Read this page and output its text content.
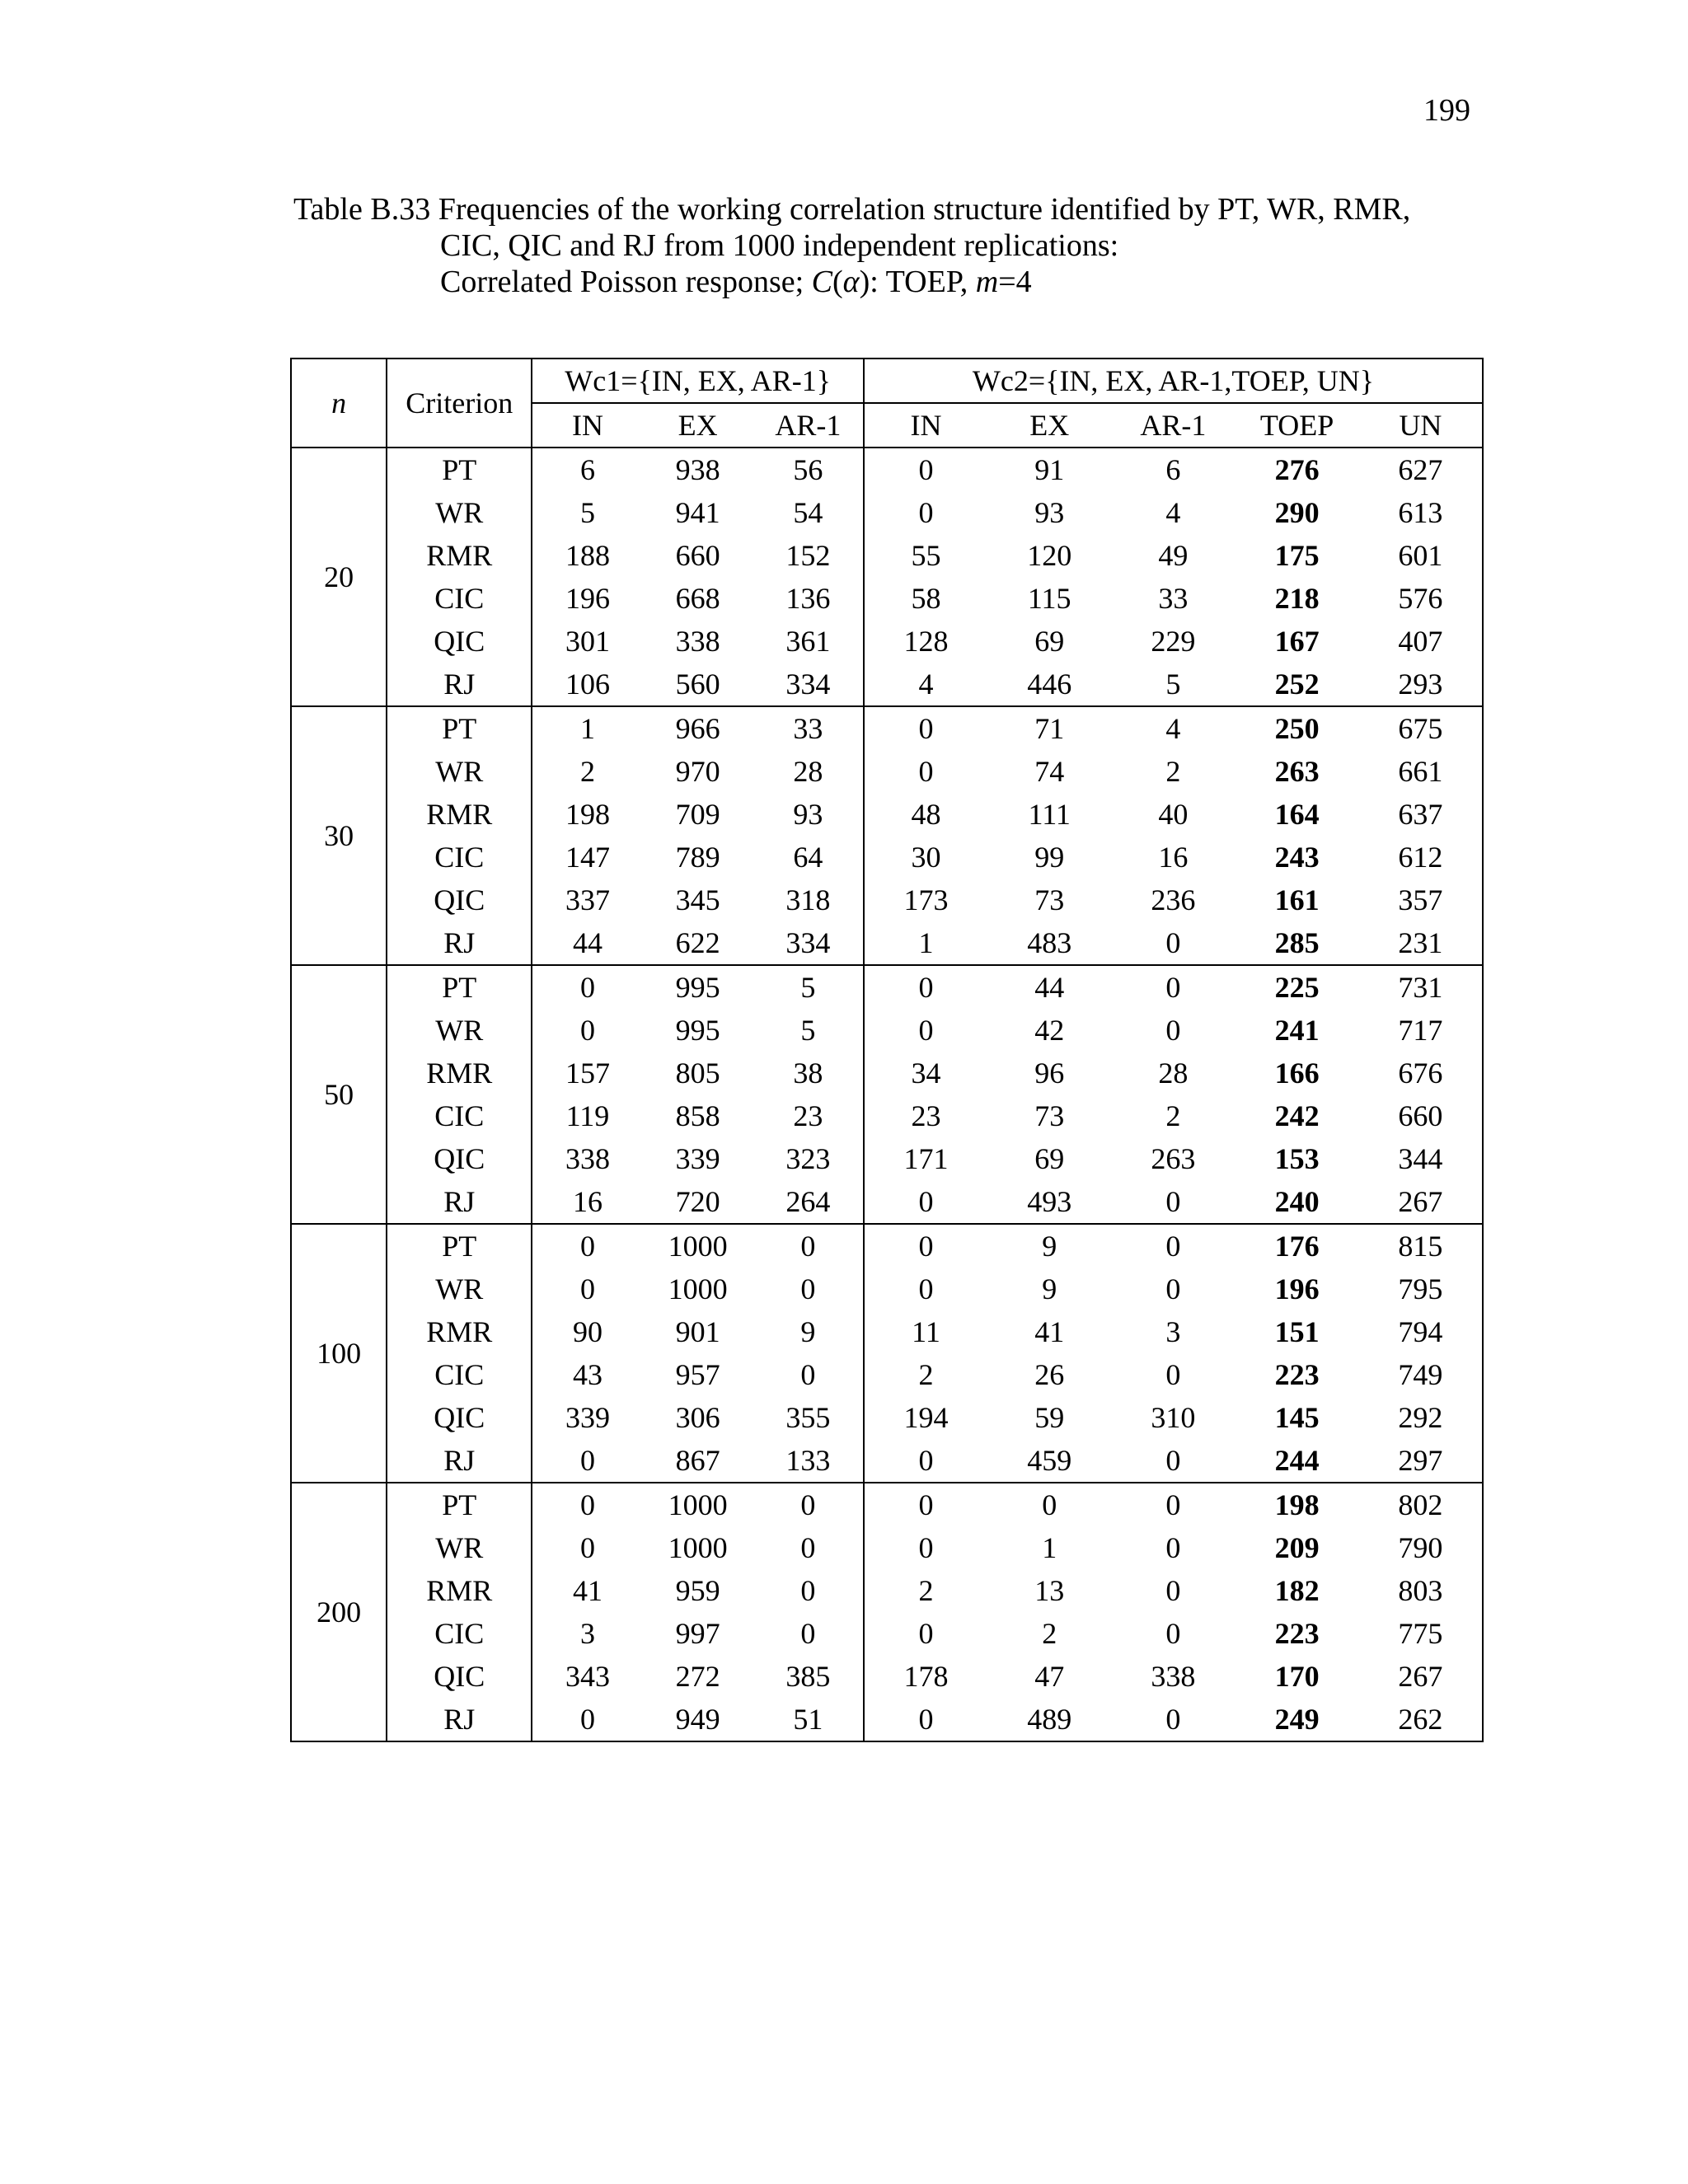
199
Table B.33 Frequencies of the working correlation structure identified by PT, WR, RMR,
CIC, QIC and RJ from 1000 independent replications:
Correlated Poisson response; C(α): TOEP, m=4
n	Criterion	Wc1={IN, EX, AR-1}			Wc2={IN, EX, AR-1,TOEP, UN}				
		IN	EX	AR-1	IN	EX	AR-1	TOEP	UN
20	PT	6	938	56	0	91	6	276	627
	WR	5	941	54	0	93	4	290	613
	RMR	188	660	152	55	120	49	175	601
	CIC	196	668	136	58	115	33	218	576
	QIC	301	338	361	128	69	229	167	407
	RJ	106	560	334	4	446	5	252	293
30	PT	1	966	33	0	71	4	250	675
	WR	2	970	28	0	74	2	263	661
	RMR	198	709	93	48	111	40	164	637
	CIC	147	789	64	30	99	16	243	612
	QIC	337	345	318	173	73	236	161	357
	RJ	44	622	334	1	483	0	285	231
50	PT	0	995	5	0	44	0	225	731
	WR	0	995	5	0	42	0	241	717
	RMR	157	805	38	34	96	28	166	676
	CIC	119	858	23	23	73	2	242	660
	QIC	338	339	323	171	69	263	153	344
	RJ	16	720	264	0	493	0	240	267
100	PT	0	1000	0	0	9	0	176	815
	WR	0	1000	0	0	9	0	196	795
	RMR	90	901	9	11	41	3	151	794
	CIC	43	957	0	2	26	0	223	749
	QIC	339	306	355	194	59	310	145	292
	RJ	0	867	133	0	459	0	244	297
200	PT	0	1000	0	0	0	0	198	802
	WR	0	1000	0	0	1	0	209	790
	RMR	41	959	0	2	13	0	182	803
	CIC	3	997	0	0	2	0	223	775
	QIC	343	272	385	178	47	338	170	267
	RJ	0	949	51	0	489	0	249	262
